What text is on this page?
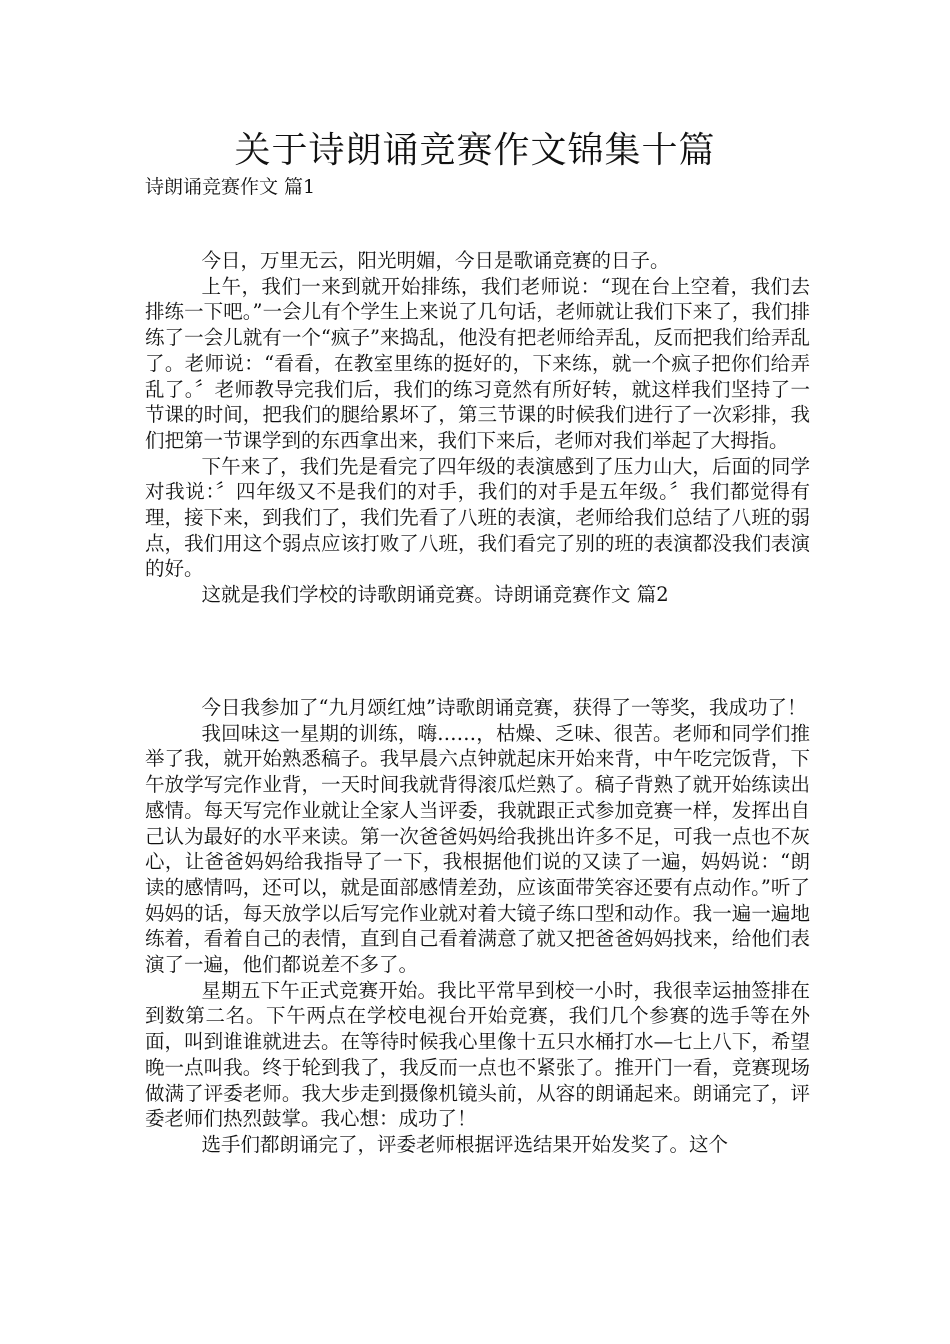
关于诗朗诵竞赛作文锦集十篇
诗朗诵竞赛作文 篇1

今日，万里无云，阳光明媚，今日是歌诵竞赛的日子。

上午，我们一来到就开始排练，我们老师说：“现在台上空着，我们去排练一下吧。”一会儿有个学生上来说了几句话，老师就让我们下来了，我们排练了一会儿就有一个“疯子”来捣乱，他没有把老师给弄乱，反而把我们给弄乱了。老师说：“看看，在教室里练的挺好的，下来练，就一个疯子把你们给弄乱了。〞老师教导完我们后，我们的练习竟然有所好转，就这样我们坚持了一节课的时间，把我们的腿给累坏了，第三节课的时候我们进行了一次彩排，我们把第一节课学到的东西拿出来，我们下来后，老师对我们举起了大拇指。

下午来了，我们先是看完了四年级的表演感到了压力山大，后面的同学对我说：〞四年级又不是我们的对手，我们的对手是五年级。〞我们都觉得有理，接下来，到我们了，我们先看了八班的表演，老师给我们总结了八班的弱点，我们用这个弱点应该打败了八班，我们看完了别的班的表演都没我们表演的好。

这就是我们学校的诗歌朗诵竞赛。诗朗诵竞赛作文 篇2

今日我参加了“九月颂红烛”诗歌朗诵竞赛，获得了一等奖，我成功了！

我回味这一星期的训练，嗨……，枯燥、乏味、很苦。老师和同学们推举了我，就开始熟悉稿子。我早晨六点钟就起床开始来背，中午吃完饭背，下午放学写完作业背，一天时间我就背得滚瓜烂熟了。稿子背熟了就开始练读出感情。每天写完作业就让全家人当评委，我就跟正式参加竞赛一样，发挥出自己认为最好的水平来读。第一次爸爸妈妈给我挑出许多不足，可我一点也不灰心，让爸爸妈妈给我指导了一下，我根据他们说的又读了一遍，妈妈说：“朗读的感情吗，还可以，就是面部感情差劲，应该面带笑容还要有点动作。”听了妈妈的话，每天放学以后写完作业就对着大镜子练口型和动作。我一遍一遍地练着，看着自己的表情，直到自己看着满意了就又把爸爸妈妈找来，给他们表演了一遍，他们都说差不多了。

星期五下午正式竞赛开始。我比平常早到校一小时，我很幸运抽签排在到数第二名。下午两点在学校电视台开始竞赛，我们几个参赛的选手等在外面，叫到谁谁就进去。在等待时候我心里像十五只水桶打水—七上八下，希望晚一点叫我。终于轮到我了，我反而一点也不紧张了。推开门一看，竞赛现场做满了评委老师。我大步走到摄像机镜头前，从容的朗诵起来。朗诵完了，评委老师们热烈鼓掌。我心想：成功了！

选手们都朗诵完了，评委老师根据评选结果开始发奖了。这个
